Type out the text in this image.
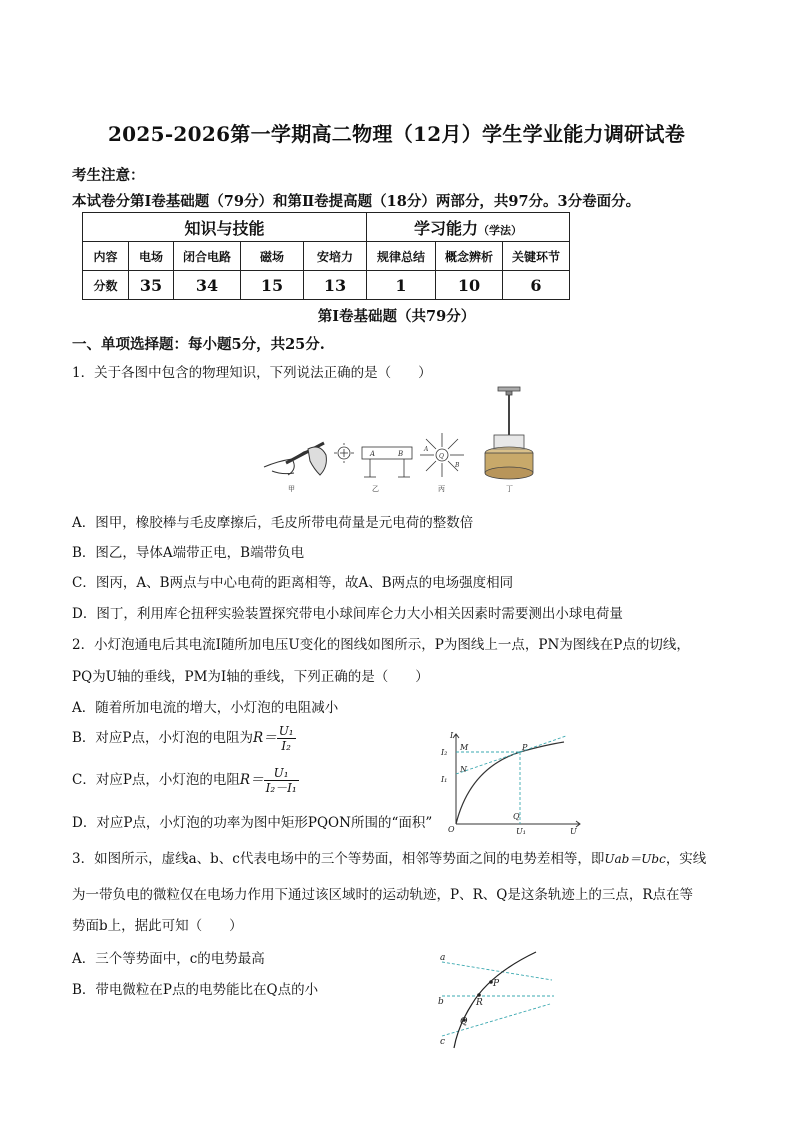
2025-2026第一学期高二物理（12月）学生学业能力调研试卷
考生注意：
本试卷分第Ⅰ卷基础题（79分）和第Ⅱ卷提高题（18分）两部分，共97分。3分卷面分。
知识与技能					学习能力（学法）		
内容	电场	闭合电路	磁场	安培力	规律总结	概念辨析	关键环节
分数	35	34	15	13	1	10	6
第Ⅰ卷基础题（共79分）
一、单项选择题：每小题5分，共25分.
1．关于各图中包含的物理知识，下列说法正确的是（　　）
甲
A	B
乙
Q
A
B
丙	丁
A．图甲，橡胶棒与毛皮摩擦后，毛皮所带电荷量是元电荷的整数倍
B．图乙，导体A端带正电，B端带负电
C．图丙，A、B两点与中心电荷的距离相等，故A、B两点的电场强度相同
D．图丁，利用库仑扭秤实验装置探究带电小球间库仑力大小相关因素时需要测出小球电荷量
2．小灯泡通电后其电流I随所加电压U变化的图线如图所示，P为图线上一点，PN为图线在P点的切线，
PQ为U轴的垂线，PM为I轴的垂线，下列正确的是（　　）
A．随着所加电流的增大，小灯泡的电阻减小
B．对应P点，小灯泡的电阻为$R= \frac{\text{U₁}}{\text{I₂}}$
C．对应P点，小灯泡的电阻$R= \frac{\text{U₁}}{\text{I₂－I₁}}$
D．对应P点，小灯泡的功率为图中矩形PQON所围的“面积”
I
I₂
M
N
I₁
P
Q
O	U₁	U
3．如图所示，虚线a、b、c代表电场中的三个等势面，相邻等势面之间的电势差相等，即Uab＝Ubc，实线
为一带负电的微粒仅在电场力作用下通过该区域时的运动轨迹，P、R、Q是这条轨迹上的三点，R点在等
势面b上，据此可知（　　）
A．三个等势面中，c的电势最高
B．带电微粒在P点的电势能比在Q点的小
a
b
c
P
R
Q
